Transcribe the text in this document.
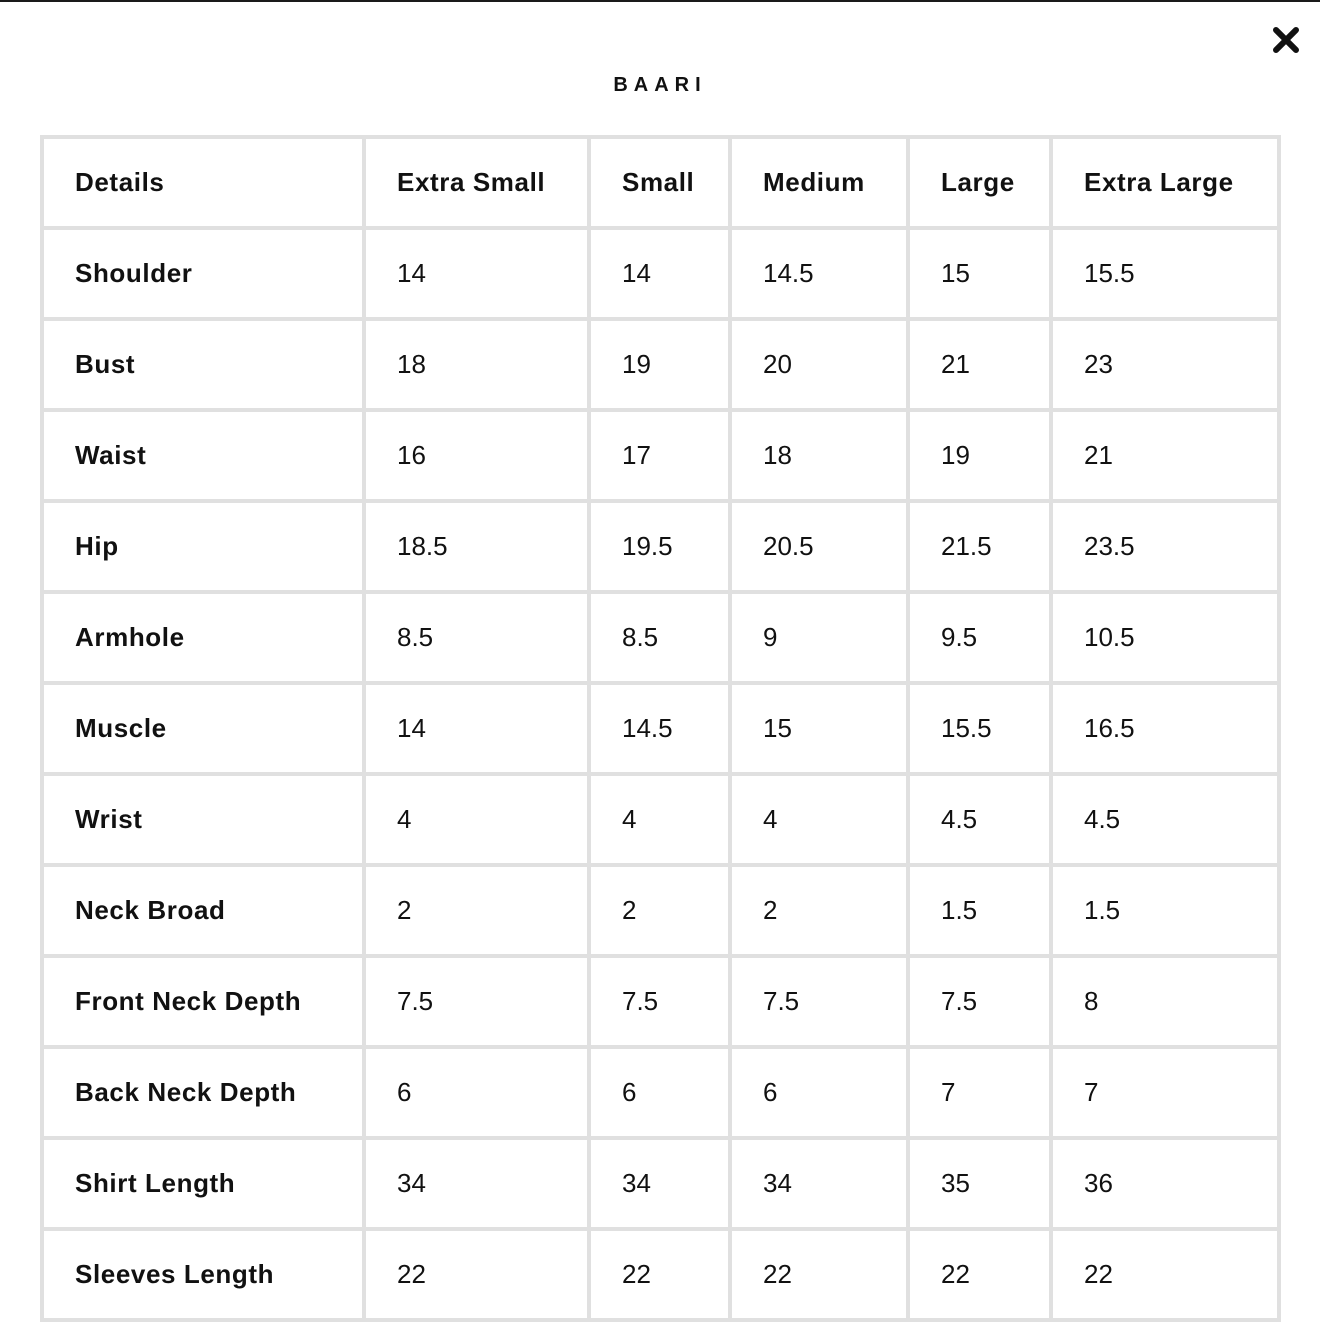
BAARI
Details	Extra Small	Small	Medium	Large	Extra Large
Shoulder	14	14	14.5	15	15.5
Bust	18	19	20	21	23
Waist	16	17	18	19	21
Hip	18.5	19.5	20.5	21.5	23.5
Armhole	8.5	8.5	9	9.5	10.5
Muscle	14	14.5	15	15.5	16.5
Wrist	4	4	4	4.5	4.5
Neck Broad	2	2	2	1.5	1.5
Front Neck Depth	7.5	7.5	7.5	7.5	8
Back Neck Depth	6	6	6	7	7
Shirt Length	34	34	34	35	36
Sleeves Length	22	22	22	22	22
